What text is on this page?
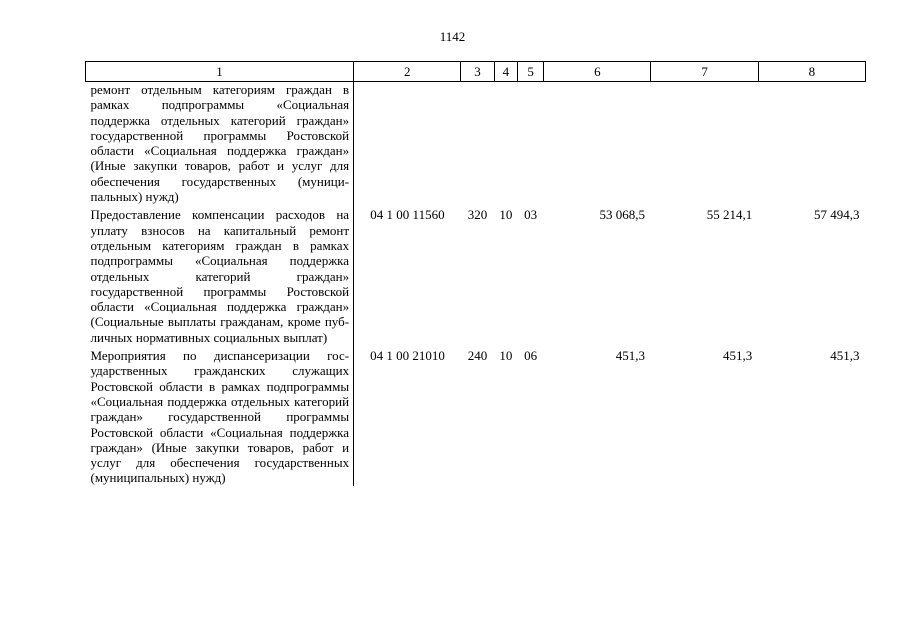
1142
1	2	3	4	5	6	7	8

ремонт отдельным категориям граждан в рамках подпрограммы «Социальная поддержка отдельных категорий граждан» государственной программы Ростовской области «Социальная поддержка граждан» (Иные закупки товаров, работ и услуг для обеспечения государственных (муниципальных) нужд)							

Предоставление компенсации расходов на уплату взносов на капитальный ремонт отдельным категориям граждан в рамках подпрограммы «Социальная поддержка отдельных категорий граждан» государственной программы Ростовской области «Социальная поддержка граждан» (Социальные выплаты гражданам, кроме публичных нормативных социальных выплат)	04 1 00 11560	320	10	03	53 068,5	55 214,1	57 494,3

Мероприятия по диспансеризации государственных гражданских служащих Ростовской области в рамках подпрограммы «Социальная поддержка отдельных категорий граждан» государственной программы Ростовской области «Социальная поддержка граждан» (Иные закупки товаров, работ и услуг для обеспечения государственных (муниципальных) нужд)	04 1 00 21010	240	10	06	451,3	451,3	451,3
